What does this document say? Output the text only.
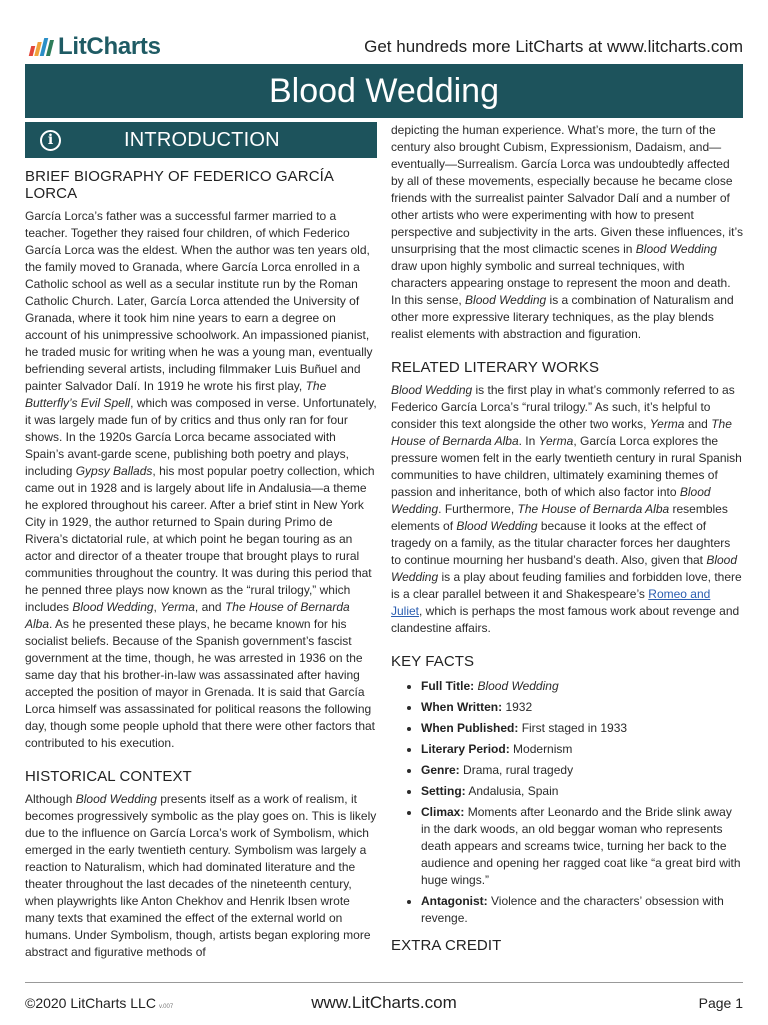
LitCharts	Get hundreds more LitCharts at www.litcharts.com
Blood Wedding
i	INTRODUCTION
BRIEF BIOGRAPHY OF FEDERICO GARCÍA LORCA

García Lorca’s father was a successful farmer married to a teacher. Together they raised four children, of which Federico García Lorca was the eldest. When the author was ten years old, the family moved to Granada, where García Lorca enrolled in a Catholic school as well as a secular institute run by the Roman Catholic Church. Later, García Lorca attended the University of Granada, where it took him nine years to earn a degree on account of his unimpressive schoolwork. An impassioned pianist, he traded music for writing when he was a young man, eventually befriending several artists, including filmmaker Luis Buñuel and painter Salvador Dalí. In 1919 he wrote his first play, The Butterfly’s Evil Spell, which was composed in verse. Unfortunately, it was largely made fun of by critics and thus only ran for four shows. In the 1920s García Lorca became associated with Spain’s avant-garde scene, publishing both poetry and plays, including Gypsy Ballads, his most popular poetry collection, which came out in 1928 and is largely about life in Andalusia—a theme he explored throughout his career. After a brief stint in New York City in 1929, the author returned to Spain during Primo de Rivera’s dictatorial rule, at which point he began touring as an actor and director of a theater troupe that brought plays to rural communities throughout the country. It was during this period that he penned three plays now known as the “rural trilogy,” which includes Blood Wedding, Yerma, and The House of Bernarda Alba. As he presented these plays, he became known for his socialist beliefs. Because of the Spanish government’s fascist government at the time, though, he was arrested in 1936 on the same day that his brother-in-law was assassinated after having accepted the position of mayor in Grenada. It is said that García Lorca himself was assassinated for political reasons the following day, though some people uphold that there were other factors that contributed to his execution.

HISTORICAL CONTEXT

Although Blood Wedding presents itself as a work of realism, it becomes progressively symbolic as the play goes on. This is likely due to the influence on García Lorca’s work of Symbolism, which emerged in the early twentieth century. Symbolism was largely a reaction to Naturalism, which had dominated literature and the theater throughout the last decades of the nineteenth century, when playwrights like Anton Chekhov and Henrik Ibsen wrote many texts that examined the effect of the external world on humans. Under Symbolism, though, artists began exploring more abstract and figurative methods of

depicting the human experience. What’s more, the turn of the century also brought Cubism, Expressionism, Dadaism, and—eventually—Surrealism. García Lorca was undoubtedly affected by all of these movements, especially because he became close friends with the surrealist painter Salvador Dalí and a number of other artists who were experimenting with how to present perspective and subjectivity in the arts. Given these influences, it’s unsurprising that the most climactic scenes in Blood Wedding draw upon highly symbolic and surreal techniques, with characters appearing onstage to represent the moon and death. In this sense, Blood Wedding is a combination of Naturalism and other more expressive literary techniques, as the play blends realist elements with abstraction and figuration.

RELATED LITERARY WORKS

Blood Wedding is the first play in what’s commonly referred to as Federico García Lorca’s “rural trilogy.” As such, it’s helpful to consider this text alongside the other two works, Yerma and The House of Bernarda Alba. In Yerma, García Lorca explores the pressure women felt in the early twentieth century in rural Spanish communities to have children, ultimately examining themes of passion and inheritance, both of which also factor into Blood Wedding. Furthermore, The House of Bernarda Alba resembles elements of Blood Wedding because it looks at the effect of tragedy on a family, as the titular character forces her daughters to continue mourning her husband’s death. Also, given that Blood Wedding is a play about feuding families and forbidden love, there is a clear parallel between it and Shakespeare’s Romeo and Juliet, which is perhaps the most famous work about revenge and clandestine affairs.

KEY FACTS
• Full Title: Blood Wedding
• When Written: 1932
• When Published: First staged in 1933
• Literary Period: Modernism
• Genre: Drama, rural tragedy
• Setting: Andalusia, Spain
• Climax: Moments after Leonardo and the Bride slink away in the dark woods, an old beggar woman who represents death appears and screams twice, turning her back to the audience and opening her ragged coat like “a great bird with huge wings.”
• Antagonist: Violence and the characters’ obsession with revenge.
EXTRA CREDIT
©2020 LitCharts LLC v.007	www.LitCharts.com	Page 1
